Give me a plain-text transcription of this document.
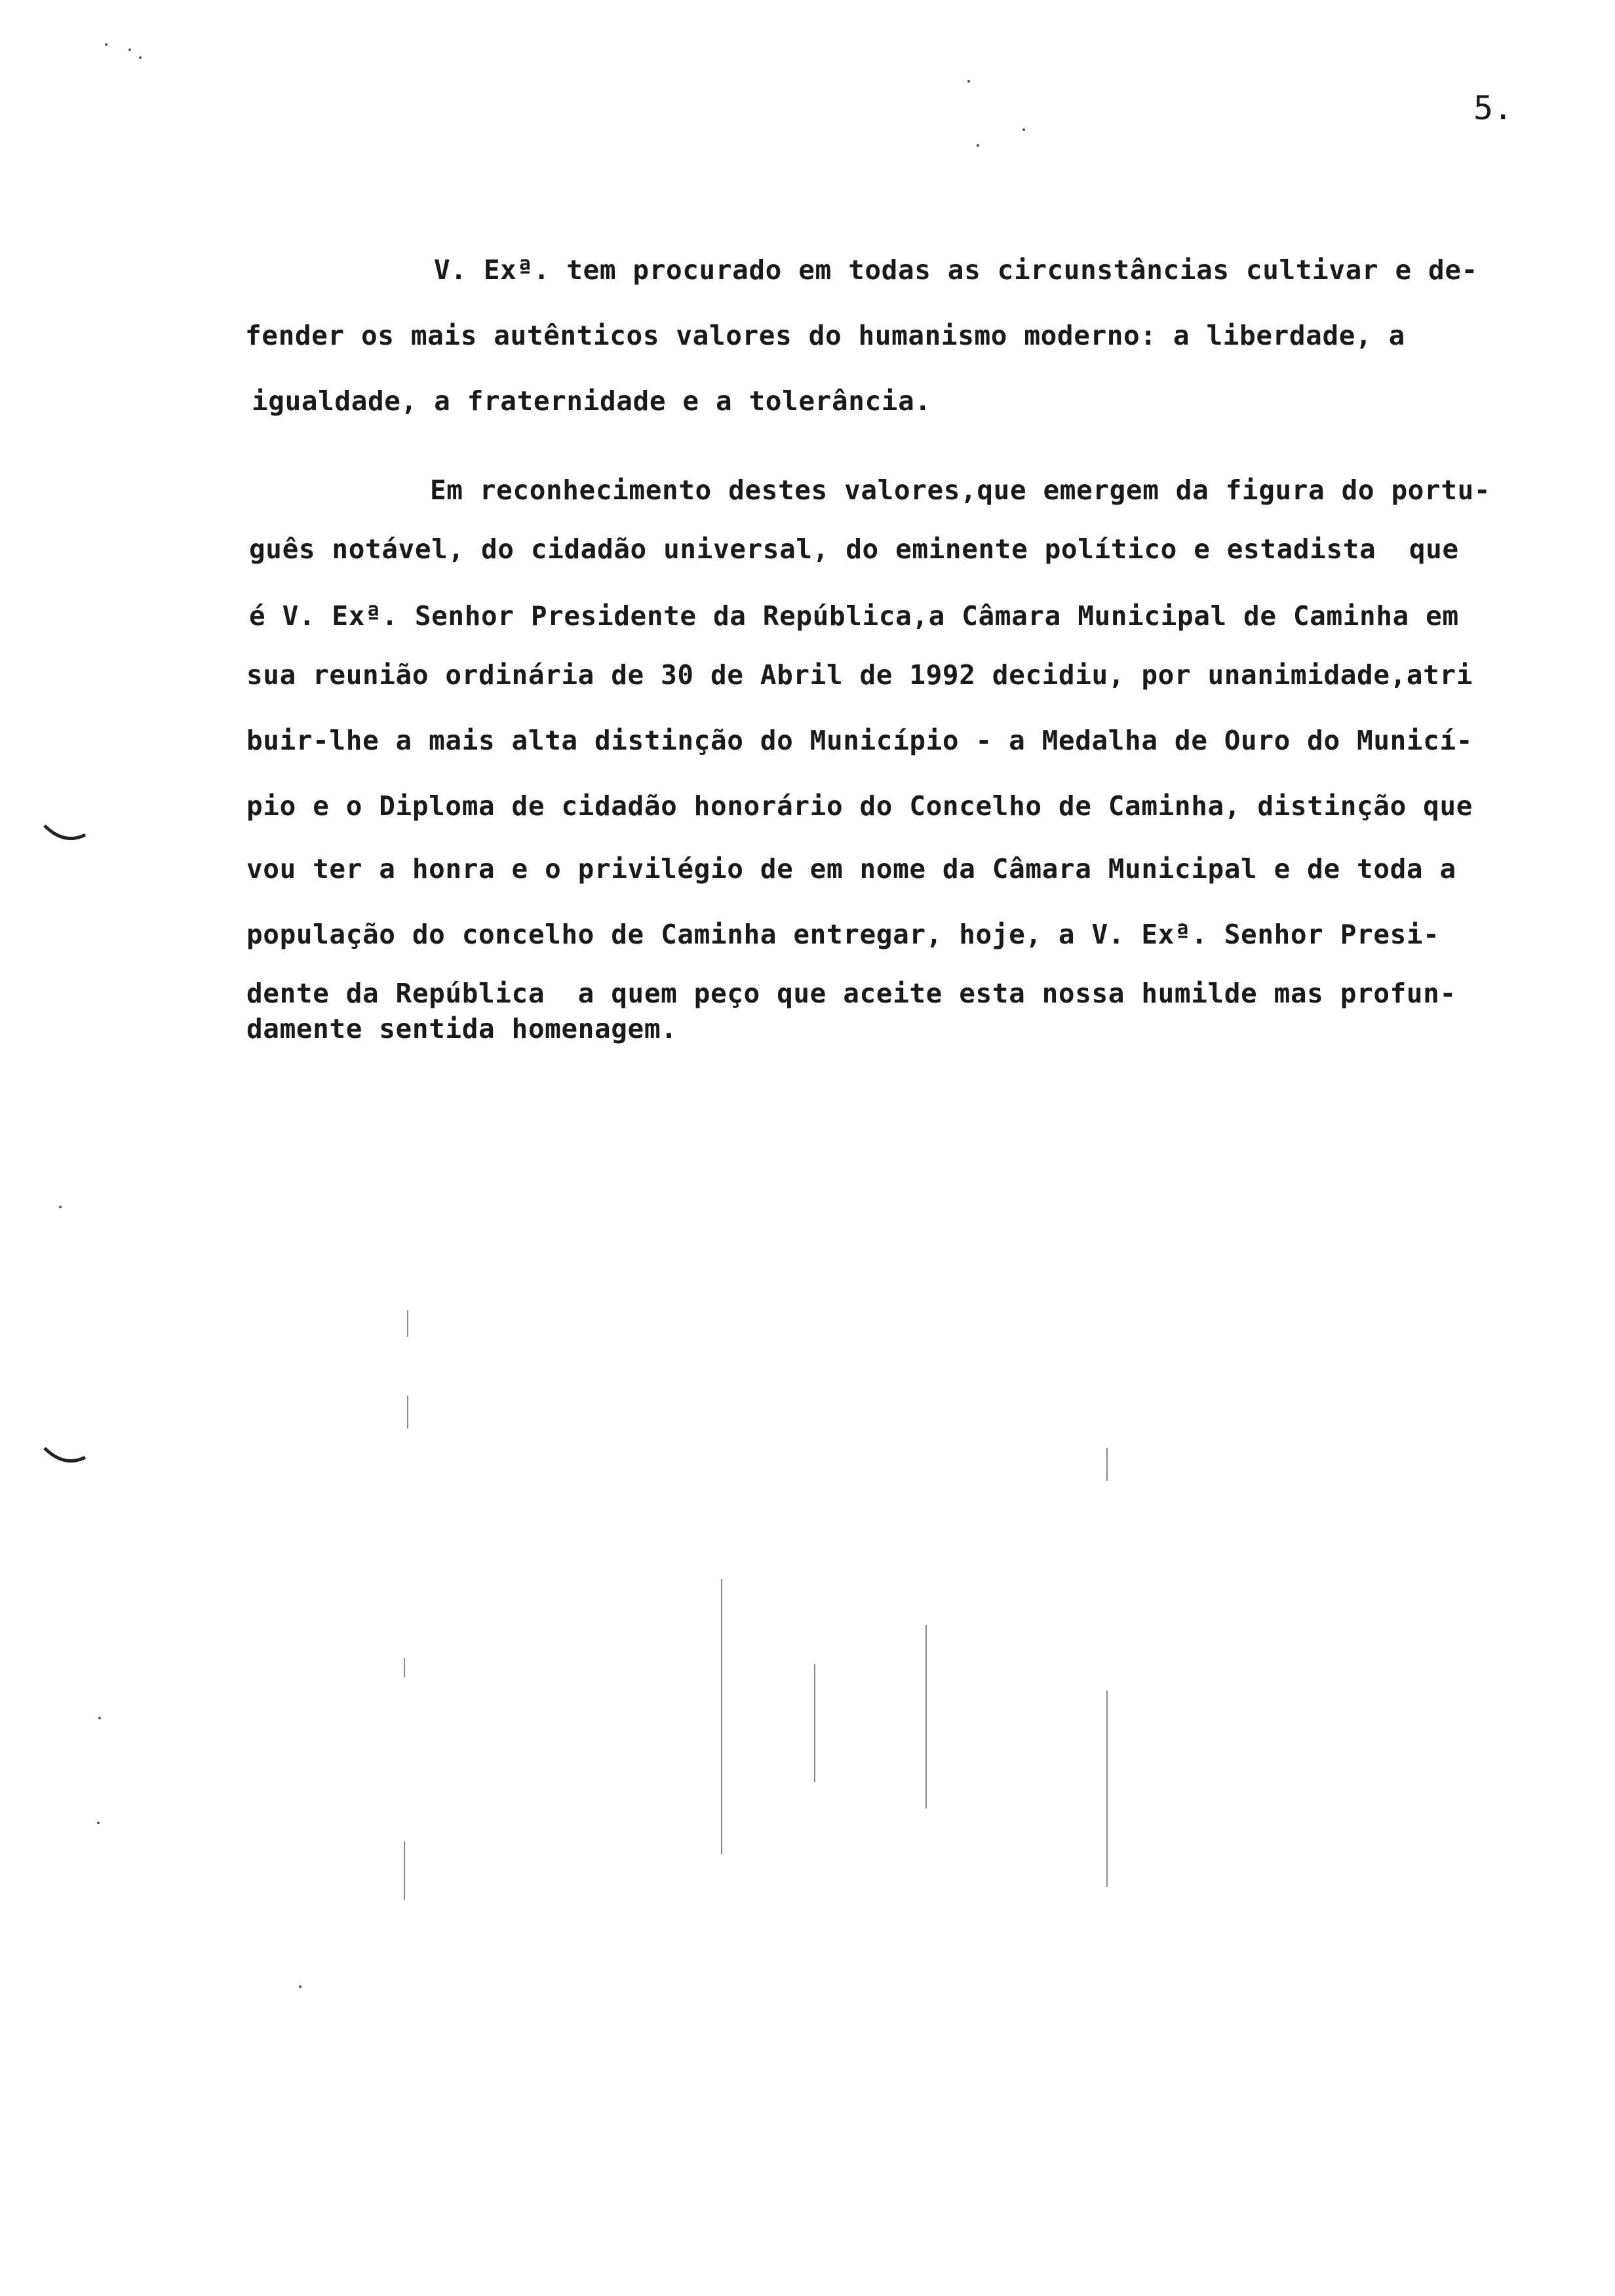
5.
V. Exª. tem procurado em todas as circunstâncias cultivar e de-
fender os mais autênticos valores do humanismo moderno: a liberdade, a
igualdade, a fraternidade e a tolerância.
Em reconhecimento destes valores,que emergem da figura do portu-
guês notável, do cidadão universal, do eminente político e estadista  que
é V. Exª. Senhor Presidente da República,a Câmara Municipal de Caminha em
sua reunião ordinária de 30 de Abril de 1992 decidiu, por unanimidade,atri
buir-lhe a mais alta distinção do Município - a Medalha de Ouro do Municí-
pio e o Diploma de cidadão honorário do Concelho de Caminha, distinção que
vou ter a honra e o privilégio de em nome da Câmara Municipal e de toda a
população do concelho de Caminha entregar, hoje, a V. Exª. Senhor Presi-
dente da República  a quem peço que aceite esta nossa humilde mas profun-
damente sentida homenagem.
